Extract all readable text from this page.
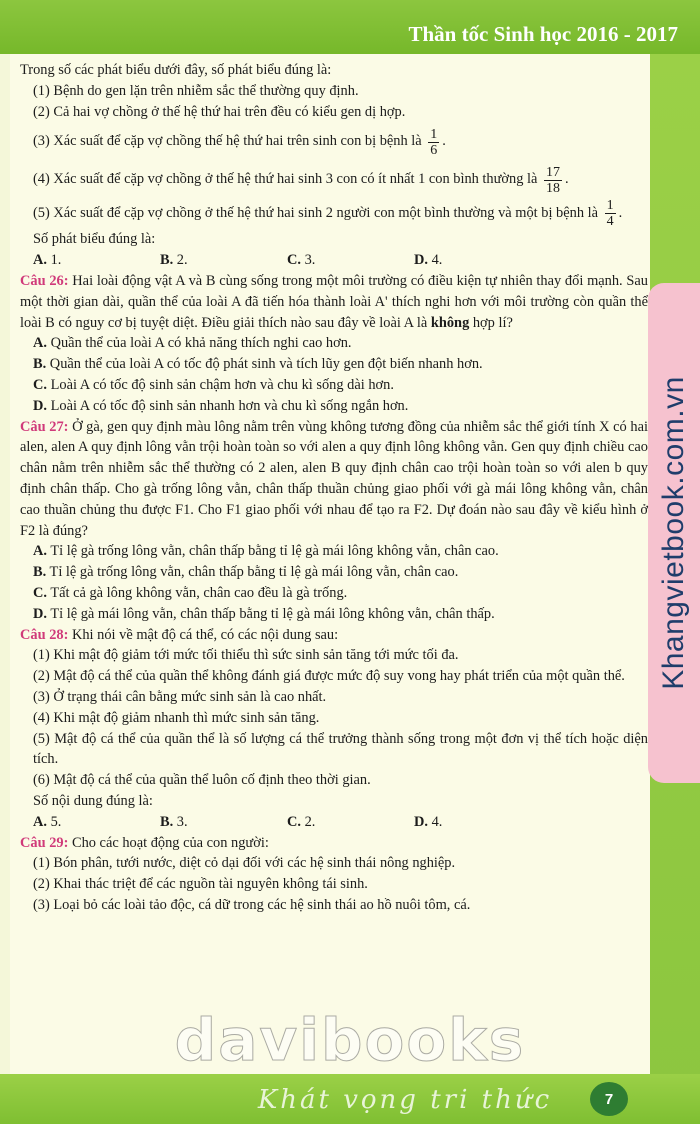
Thần tốc Sinh học 2016 - 2017
Khangvietbook.com.vn

Trong số các phát biểu dưới đây, số phát biểu đúng là:

(1) Bệnh do gen lặn trên nhiễm sắc thể thường quy định.

(2) Cả hai vợ chồng ở thế hệ thứ hai trên đều có kiểu gen dị hợp.

(3) Xác suất để cặp vợ chồng thế hệ thứ hai trên sinh con bị bệnh là $\frac{1}{6}$ .

(4) Xác suất để cặp vợ chồng ở thế hệ thứ hai sinh 3 con có ít nhất 1 con bình thường là $\frac{17}{18}$ .

(5) Xác suất để cặp vợ chồng ở thế hệ thứ hai sinh 2 người con một bình thường và một bị bệnh là $\frac{1}{4}$ .

Số phát biểu đúng là:

A. 1.	B. 2.	C. 3.	D. 4.

Câu 26: Hai loài động vật A và B cùng sống trong một môi trường có điều kiện tự nhiên thay đổi mạnh. Sau một thời gian dài, quần thể của loài A đã tiến hóa thành loài A' thích nghi hơn với môi trường còn quần thể loài B có nguy cơ bị tuyệt diệt. Điều giải thích nào sau đây về loài A là không hợp lí?

A. Quần thể của loài A có khả năng thích nghi cao hơn.

B. Quần thể của loài A có tốc độ phát sinh và tích lũy gen đột biến nhanh hơn.

C. Loài A có tốc độ sinh sản chậm hơn và chu kì sống dài hơn.

D. Loài A có tốc độ sinh sản nhanh hơn và chu kì sống ngắn hơn.

Câu 27: Ở gà, gen quy định màu lông nằm trên vùng không tương đồng của nhiễm sắc thể giới tính X có hai alen, alen A quy định lông vằn trội hoàn toàn so với alen a quy định lông không vằn. Gen quy định chiều cao chân nằm trên nhiễm sắc thể thường có 2 alen, alen B quy định chân cao trội hoàn toàn so với alen b quy định chân thấp. Cho gà trống lông vằn, chân thấp thuần chủng giao phối với gà mái lông không vằn, chân cao thuần chủng thu được F1. Cho F1 giao phối với nhau để tạo ra F2. Dự đoán nào sau đây về kiểu hình ở F2 là đúng?

A. Tỉ lệ gà trống lông vằn, chân thấp bằng tỉ lệ gà mái lông không vằn, chân cao.

B. Tỉ lệ gà trống lông vằn, chân thấp bằng tỉ lệ gà mái lông vằn, chân cao.

C. Tất cả gà lông không vằn, chân cao đều là gà trống.

D. Tỉ lệ gà mái lông vằn, chân thấp bằng tỉ lệ gà mái lông không vằn, chân thấp.

Câu 28: Khi nói về mật độ cá thể, có các nội dung sau:

(1) Khi mật độ giảm tới mức tối thiểu thì sức sinh sản tăng tới mức tối đa.

(2) Mật độ cá thể của quần thể không đánh giá được mức độ suy vong hay phát triển của một quần thể.

(3) Ở trạng thái cân bằng mức sinh sản là cao nhất.

(4) Khi mật độ giảm nhanh thì mức sinh sản tăng.

(5) Mật độ cá thể của quần thể là số lượng cá thể trưởng thành sống trong một đơn vị thể tích hoặc diện tích.

(6) Mật độ cá thể của quần thể luôn cố định theo thời gian.

Số nội dung đúng là:

A. 5.	B. 3.	C. 2.	D. 4.

Câu 29: Cho các hoạt động của con người:

(1) Bón phân, tưới nước, diệt cỏ dại đối với các hệ sinh thái nông nghiệp.

(2) Khai thác triệt để các nguồn tài nguyên không tái sinh.

(3) Loại bỏ các loài tảo độc, cá dữ trong các hệ sinh thái ao hồ nuôi tôm, cá.

davibooks
Khát vọng tri thức	7
